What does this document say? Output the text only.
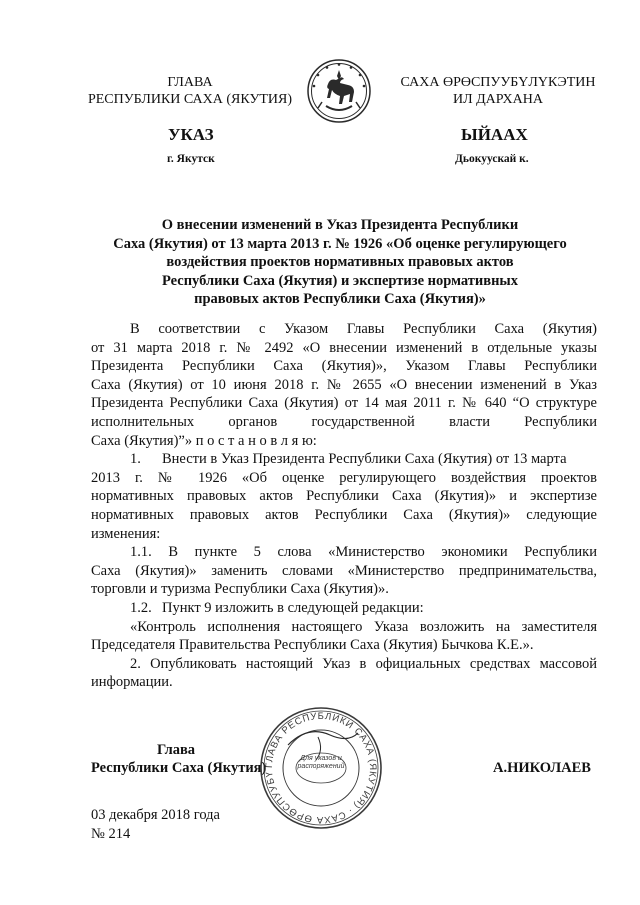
ГЛАВА
РЕСПУБЛИКИ САХА (ЯКУТИЯ)
САХА ӨРӨСПУУБҮЛҮКЭТИН
ИЛ ДАРХАНА
УКАЗ	ЫЙААХ
г. Якутск	Дьокуускай к.
О внесении изменений в Указ Президента Республики
Саха (Якутия) от 13 марта 2013 г. № 1926 «Об оценке регулирующего
воздействия проектов нормативных правовых актов
Республики Саха (Якутия) и экспертизе нормативных
правовых актов Республики Саха (Якутия)»
В соответствии с Указом Главы Республики Саха (Якутия)
от 31 марта 2018 г. № 2492 «О внесении изменений в отдельные указы
Президента Республики Саха (Якутия)», Указом Главы Республики
Саха (Якутия) от 10 июня 2018 г. № 2655 «О внесении изменений в Указ
Президента Республики Саха (Якутия) от 14 мая 2011 г. № 640 “О структуре
исполнительных органов государственной власти Республики
Саха (Якутия)”» п о с т а н о в л я ю:
1. Внести в Указ Президента Республики Саха (Якутия) от 13 марта
2013 г. № 1926 «Об оценке регулирующего воздействия проектов
нормативных правовых актов Республики Саха (Якутия)» и экспертизе
нормативных правовых актов Республики Саха (Якутия)» следующие
изменения:
1.1. В пункте 5 слова «Министерство экономики Республики
Саха (Якутия)» заменить словами «Министерство предпринимательства,
торговли и туризма Республики Саха (Якутия)».
1.2. Пункт 9 изложить в следующей редакции:
«Контроль исполнения настоящего Указа возложить на заместителя
Председателя Правительства Республики Саха (Якутия) Бычкова К.Е.».
2. Опубликовать настоящий Указ в официальных средствах массовой
информации.
Глава
Республики Саха (Якутия)	А.НИКОЛАЕВ
ГЛАВА РЕСПУБЛИКИ САХА (ЯКУТИЯ) · САХА ӨРӨСПУУБҮ
Для указов и распоряжений
03 декабря 2018 года
№ 214
